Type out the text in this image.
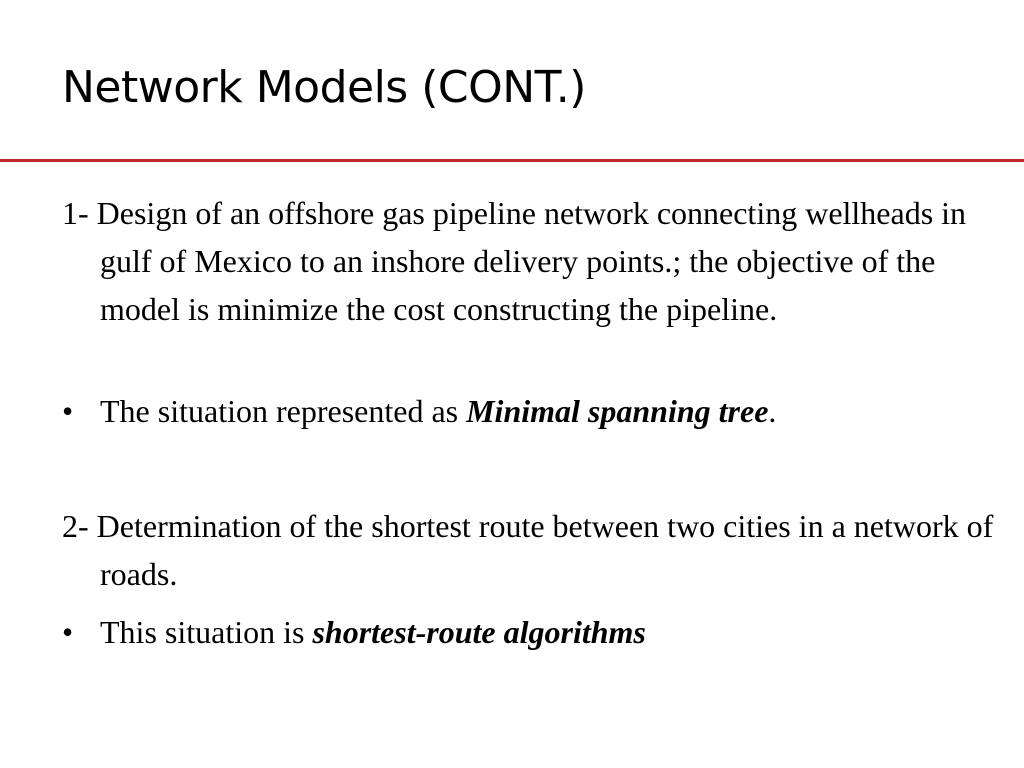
Network Models (CONT.)

1- Design of an offshore gas pipeline network connecting wellheads in gulf of Mexico to an inshore delivery points.; the objective of the model is minimize the cost constructing the pipeline.

• The situation represented as Minimal spanning tree.

2- Determination of the shortest route between two cities in a network of roads.

• This situation is shortest-route algorithms
